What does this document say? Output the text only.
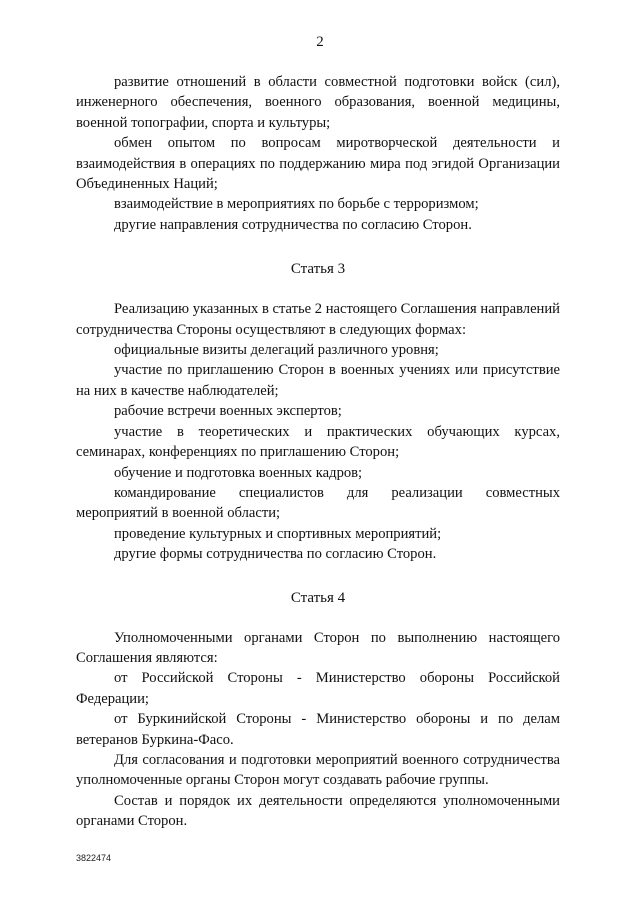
2

развитие отношений в области совместной подготовки войск (сил), инженерного обеспечения, военного образования, военной медицины, военной топографии, спорта и культуры;

обмен опытом по вопросам миротворческой деятельности и взаимодействия в операциях по поддержанию мира под эгидой Организации Объединенных Наций;

взаимодействие в мероприятиях по борьбе с терроризмом;

другие направления сотрудничества по согласию Сторон.

Статья 3

Реализацию указанных в статье 2 настоящего Соглашения направлений сотрудничества Стороны осуществляют в следующих формах:

официальные визиты делегаций различного уровня;

участие по приглашению Сторон в военных учениях или присутствие на них в качестве наблюдателей;

рабочие встречи военных экспертов;

участие в теоретических и практических обучающих курсах, семинарах, конференциях по приглашению Сторон;

обучение и подготовка военных кадров;

командирование специалистов для реализации совместных мероприятий в военной области;

проведение культурных и спортивных мероприятий;

другие формы сотрудничества по согласию Сторон.

Статья 4

Уполномоченными органами Сторон по выполнению настоящего Соглашения являются:

от Российской Стороны - Министерство обороны Российской Федерации;

от Буркинийской Стороны - Министерство обороны и по делам ветеранов Буркина-Фасо.

Для согласования и подготовки мероприятий военного сотрудничества уполномоченные органы Сторон могут создавать рабочие группы.

Состав и порядок их деятельности определяются уполномоченными органами Сторон.

3822474
